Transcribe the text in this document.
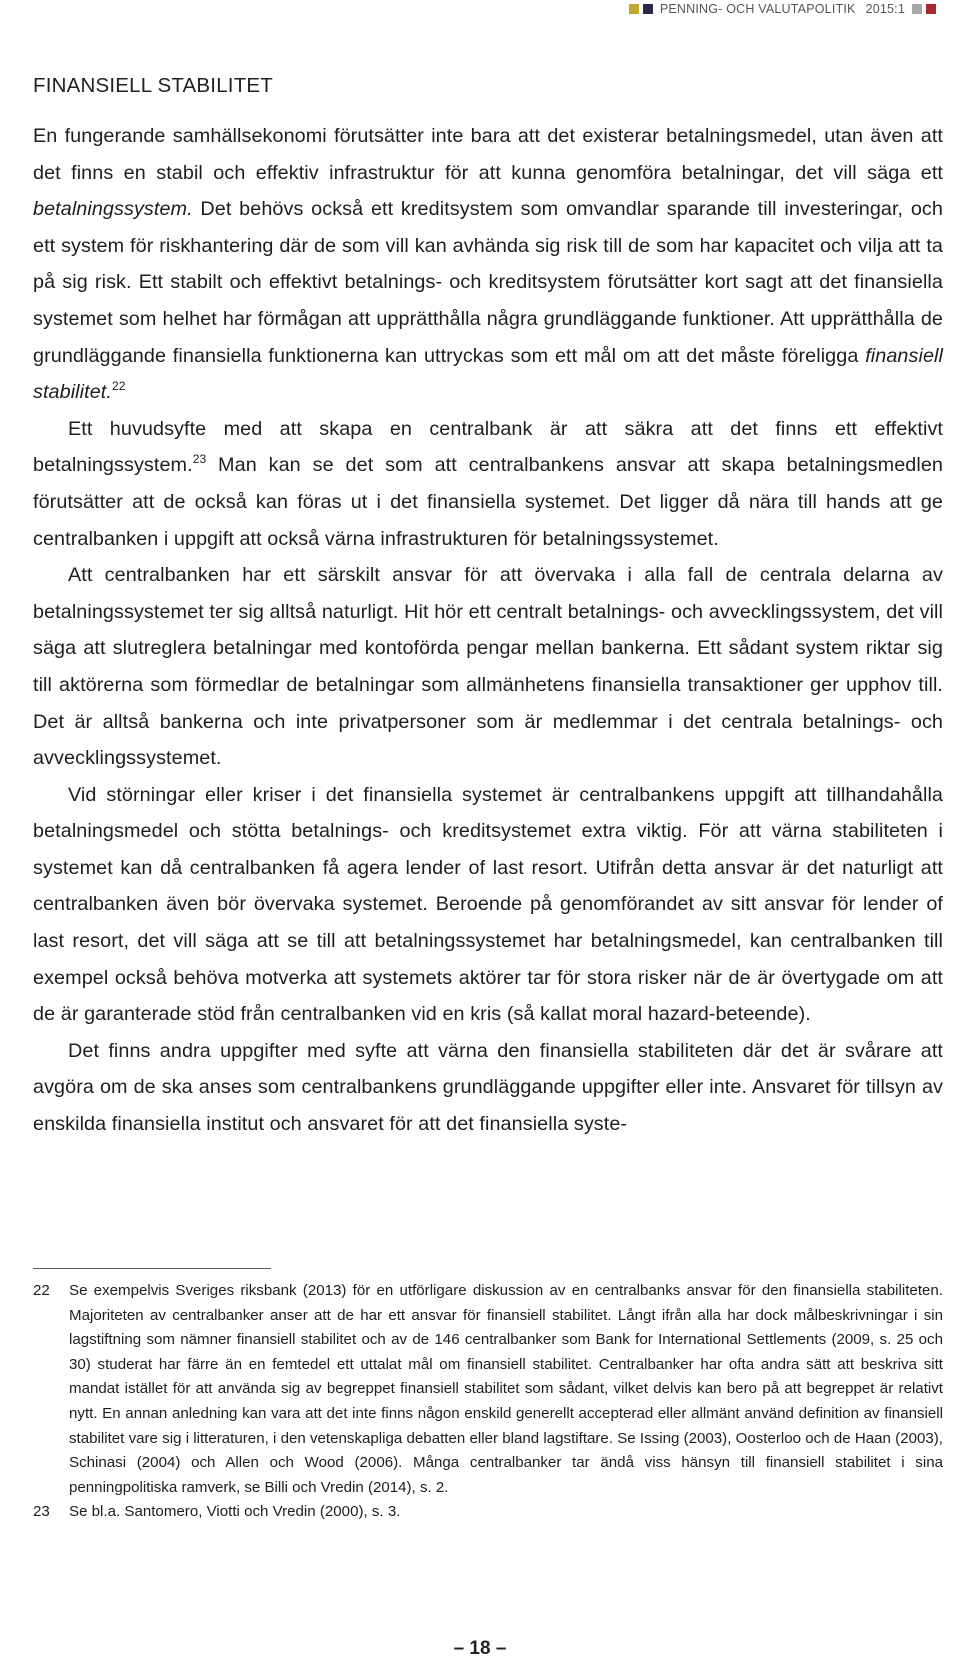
PENNING- OCH VALUTAPOLITIK 2015:1
FINANSIELL STABILITET

En fungerande samhällsekonomi förutsätter inte bara att det existerar betalningsmedel, utan även att det finns en stabil och effektiv infrastruktur för att kunna genomföra betalningar, det vill säga ett betalningssystem. Det behövs också ett kreditsystem som omvandlar sparande till investeringar, och ett system för riskhantering där de som vill kan avhända sig risk till de som har kapacitet och vilja att ta på sig risk. Ett stabilt och effektivt betalnings- och kreditsystem förutsätter kort sagt att det finansiella systemet som helhet har förmågan att upprätthålla några grundläggande funktioner. Att upprätthålla de grundläggande finansiella funktionerna kan uttryckas som ett mål om att det måste föreligga finansiell stabilitet.$^{22}$

Ett huvudsyfte med att skapa en centralbank är att säkra att det finns ett effektivt betalningssystem.$^{23}$ Man kan se det som att centralbankens ansvar att skapa betalningsmedlen förutsätter att de också kan föras ut i det finansiella systemet. Det ligger då nära till hands att ge centralbanken i uppgift att också värna infrastrukturen för betalningssystemet.

Att centralbanken har ett särskilt ansvar för att övervaka i alla fall de centrala delarna av betalningssystemet ter sig alltså naturligt. Hit hör ett centralt betalnings- och avvecklingssystem, det vill säga att slutreglera betalningar med kontoförda pengar mellan bankerna. Ett sådant system riktar sig till aktörerna som förmedlar de betalningar som allmänhetens finansiella transaktioner ger upphov till. Det är alltså bankerna och inte privatpersoner som är medlemmar i det centrala betalnings- och avvecklingssystemet.

Vid störningar eller kriser i det finansiella systemet är centralbankens uppgift att tillhandahålla betalningsmedel och stötta betalnings- och kreditsystemet extra viktig. För att värna stabiliteten i systemet kan då centralbanken få agera lender of last resort. Utifrån detta ansvar är det naturligt att centralbanken även bör övervaka systemet. Beroende på genomförandet av sitt ansvar för lender of last resort, det vill säga att se till att betalningssystemet har betalningsmedel, kan centralbanken till exempel också behöva motverka att systemets aktörer tar för stora risker när de är övertygade om att de är garanterade stöd från centralbanken vid en kris (så kallat moral hazard-beteende).

Det finns andra uppgifter med syfte att värna den finansiella stabiliteten där det är svårare att avgöra om de ska anses som centralbankens grundläggande uppgifter eller inte. Ansvaret för tillsyn av enskilda finansiella institut och ansvaret för att det finansiella syste-

22	Se exempelvis Sveriges riksbank (2013) för en utförligare diskussion av en centralbanks ansvar för den finansiella stabiliteten. Majoriteten av centralbanker anser att de har ett ansvar för finansiell stabilitet. Långt ifrån alla har dock målbeskrivningar i sin lagstiftning som nämner finansiell stabilitet och av de 146 centralbanker som Bank for International Settlements (2009, s. 25 och 30) studerat har färre än en femtedel ett uttalat mål om finansiell stabilitet. Centralbanker har ofta andra sätt att beskriva sitt mandat istället för att använda sig av begreppet finansiell stabilitet som sådant, vilket delvis kan bero på att begreppet är relativt nytt. En annan anledning kan vara att det inte finns någon enskild generellt accepterad eller allmänt använd definition av finansiell stabilitet vare sig i litteraturen, i den vetenskapliga debatten eller bland lagstiftare. Se Issing (2003), Oosterloo och de Haan (2003), Schinasi (2004) och Allen och Wood (2006). Många centralbanker tar ändå viss hänsyn till finansiell stabilitet i sina penningpolitiska ramverk, se Billi och Vredin (2014), s. 2.
23	Se bl.a. Santomero, Viotti och Vredin (2000), s. 3.
– 18 –
